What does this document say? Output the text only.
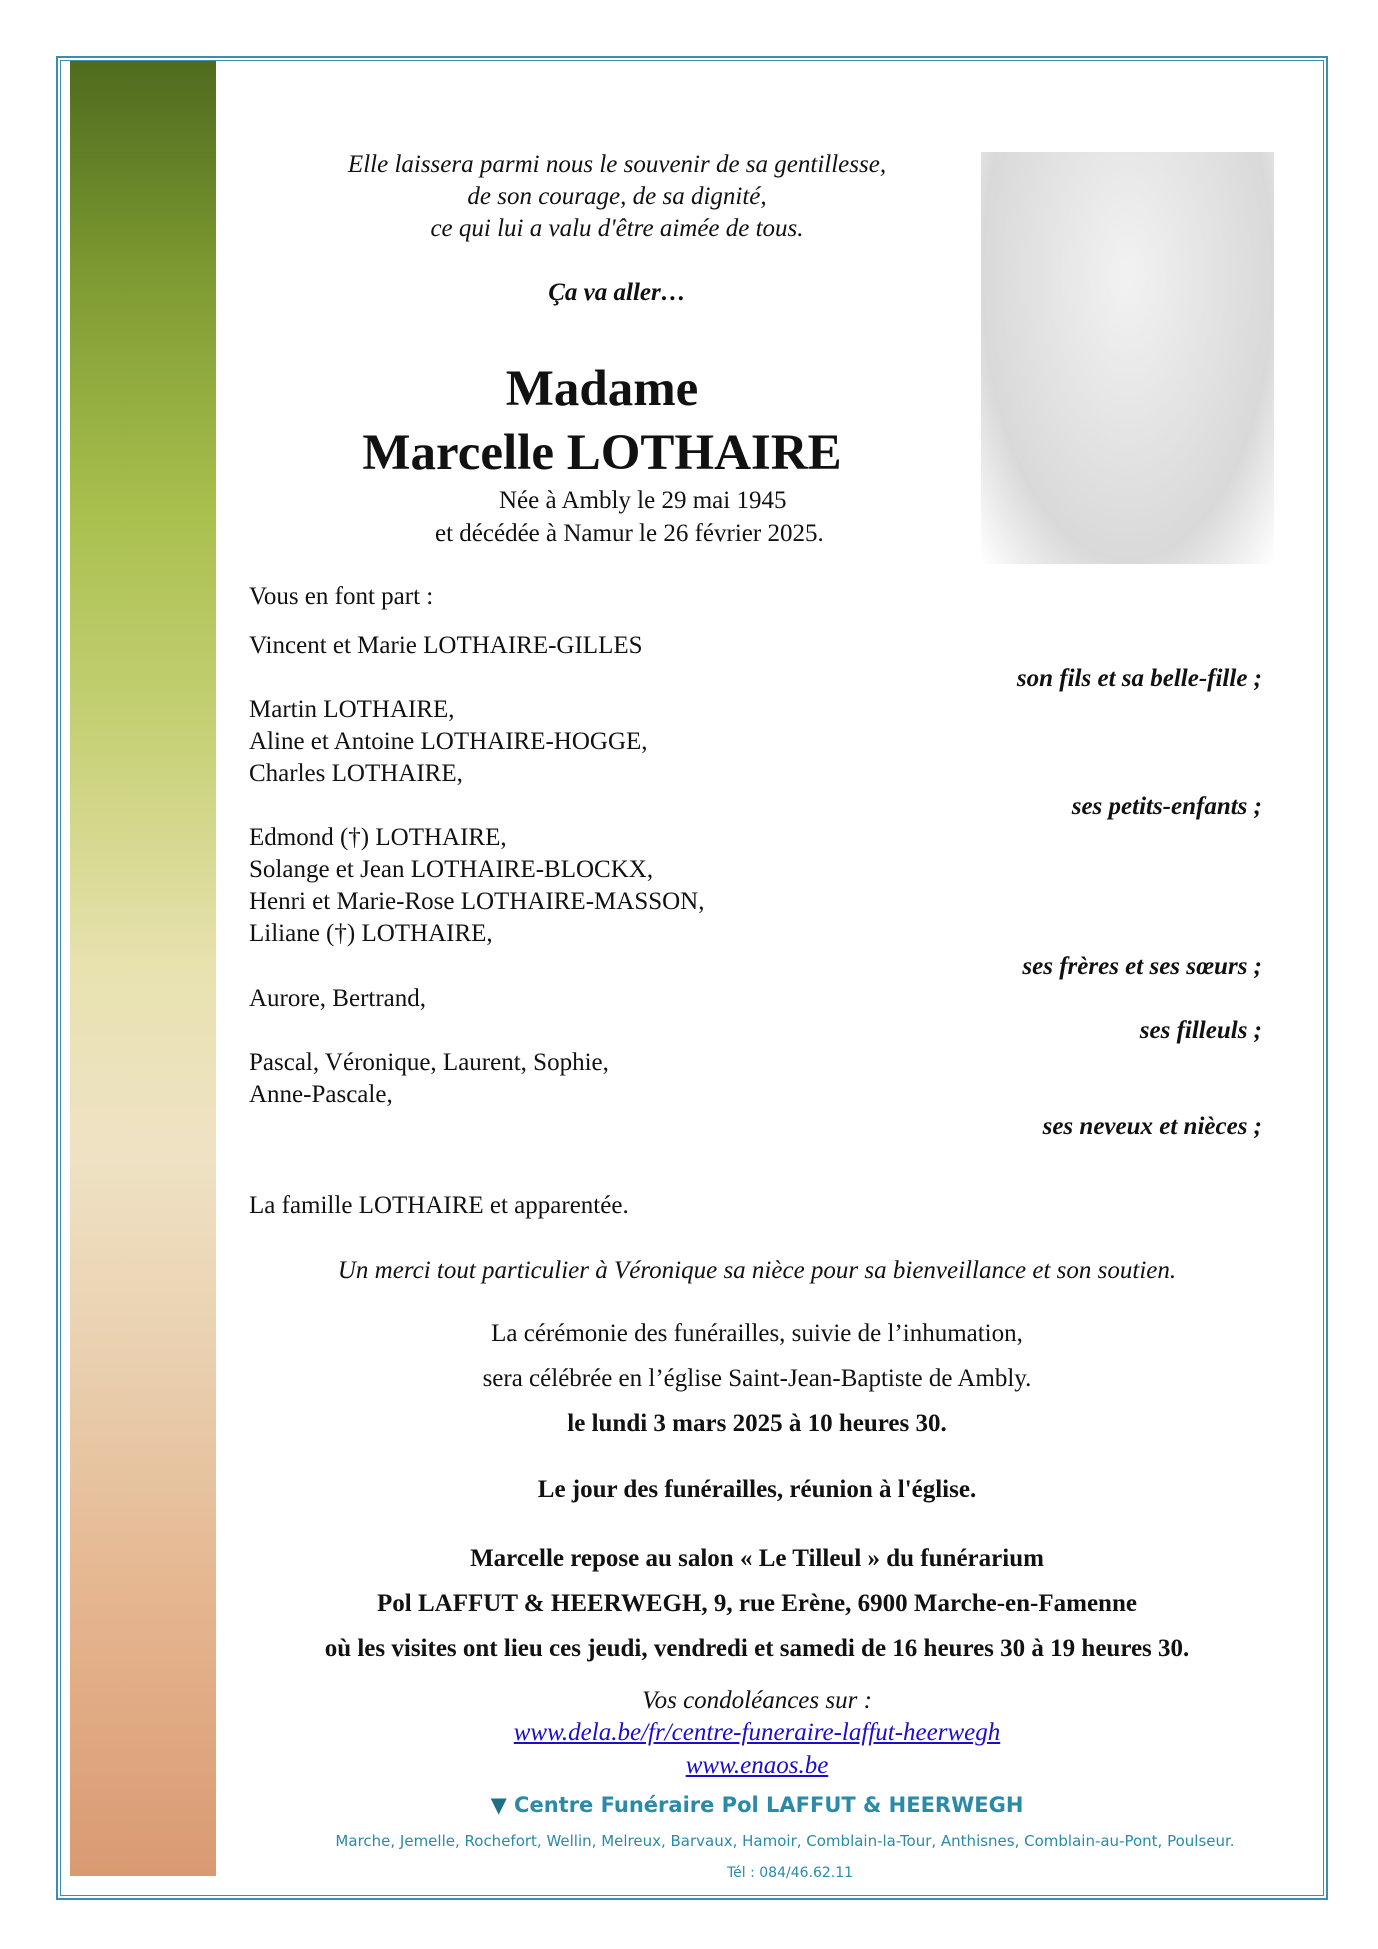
Elle laissera parmi nous le souvenir de sa gentillesse,
de son courage, de sa dignité,
ce qui lui a valu d'être aimée de tous.
Ça va aller…
Madame
Marcelle LOTHAIRE
Née à Ambly le 29 mai 1945
et décédée à Namur le 26 février 2025.
Vous en font part :
Vincent et Marie LOTHAIRE-GILLES
son fils et sa belle-fille ;
Martin LOTHAIRE,
Aline et Antoine LOTHAIRE-HOGGE,
Charles LOTHAIRE,
ses petits-enfants ;
Edmond (†) LOTHAIRE,
Solange et Jean LOTHAIRE-BLOCKX,
Henri et Marie-Rose LOTHAIRE-MASSON,
Liliane (†) LOTHAIRE,
ses frères et ses sœurs ;
Aurore, Bertrand,
ses filleuls ;
Pascal, Véronique, Laurent, Sophie,
Anne-Pascale,
ses neveux et nièces ;
La famille LOTHAIRE et apparentée.
Un merci tout particulier à Véronique sa nièce pour sa bienveillance et son soutien.
La cérémonie des funérailles, suivie de l’inhumation,
sera célébrée en l’église Saint-Jean-Baptiste de Ambly.
le lundi 3 mars 2025 à 10 heures 30.
Le jour des funérailles, réunion à l'église.
Marcelle repose au salon « Le Tilleul » du funérarium
Pol LAFFUT & HEERWEGH, 9, rue Erène, 6900 Marche-en-Famenne
où les visites ont lieu ces jeudi, vendredi et samedi de 16 heures 30 à 19 heures 30.
Vos condoléances sur :
www.dela.be/fr/centre-funeraire-laffut-heerwegh
www.enaos.be
▼ Centre Funéraire Pol LAFFUT & HEERWEGH
Marche, Jemelle, Rochefort, Wellin, Melreux, Barvaux, Hamoir, Comblain-la-Tour, Anthisnes, Comblain-au-Pont, Poulseur.
Tél : 084/46.62.11
